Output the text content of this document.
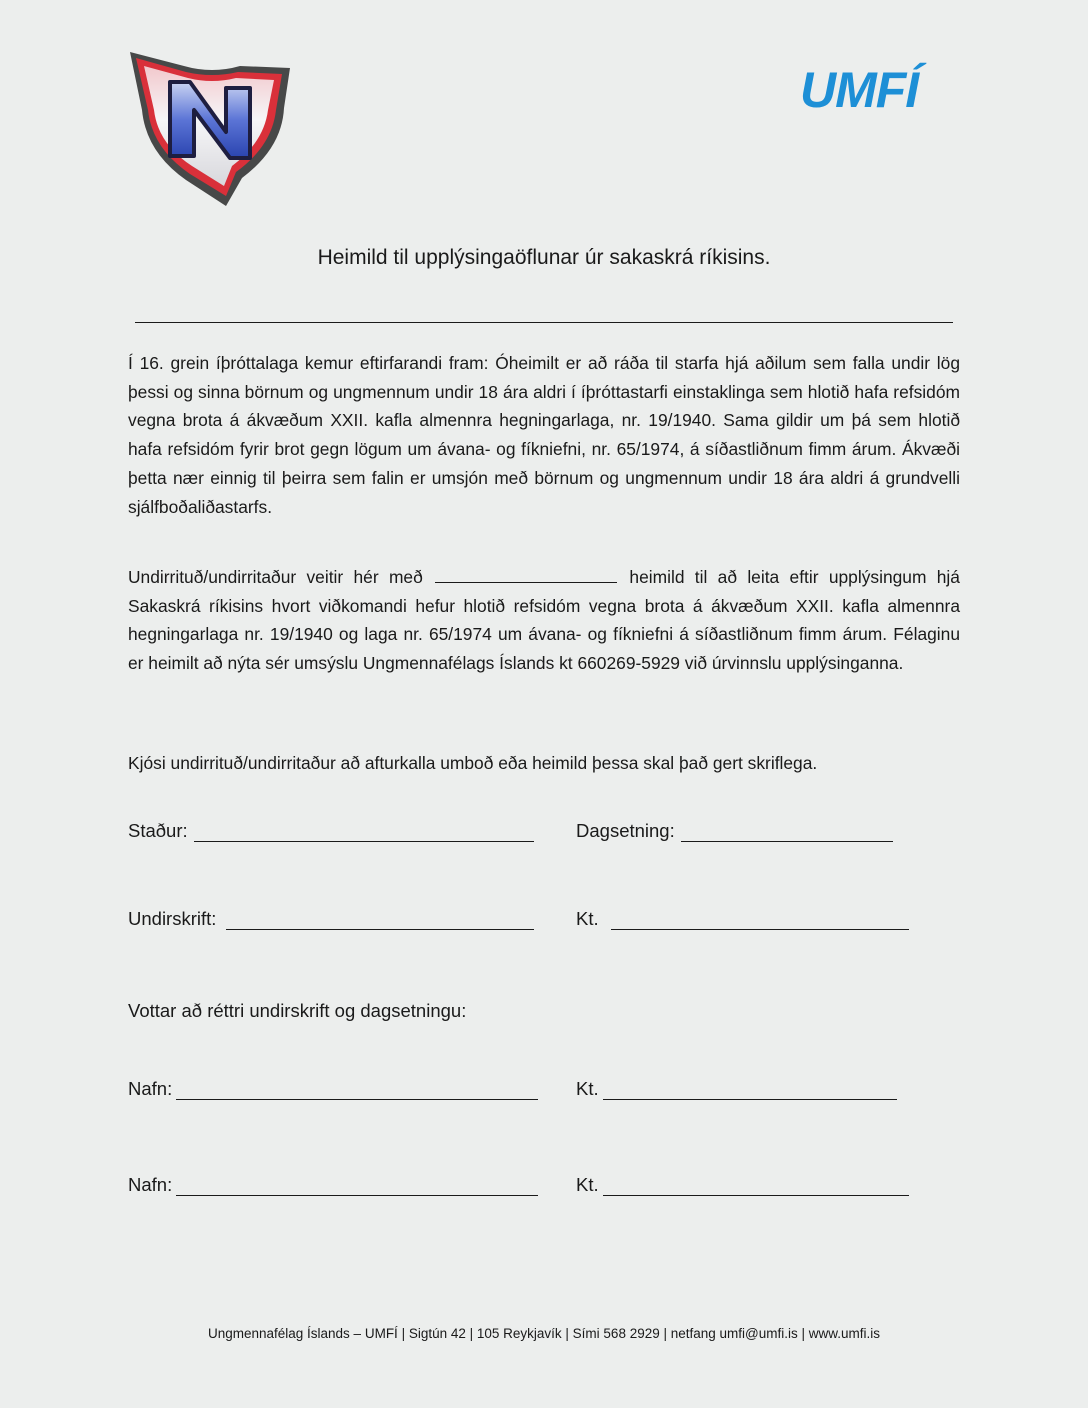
UMFÍ
Heimild til upplýsingaöflunar úr sakaskrá ríkisins.
Í 16. grein íþróttalaga kemur eftirfarandi fram: Óheimilt er að ráða til starfa hjá aðilum sem falla undir lög þessi og sinna börnum og ungmennum undir 18 ára aldri í íþróttastarfi einstaklinga sem hlotið hafa refsidóm vegna brota á ákvæðum XXII. kafla almennra hegningarlaga, nr. 19/1940. Sama gildir um þá sem hlotið hafa refsidóm fyrir brot gegn lögum um ávana- og fíkniefni, nr. 65/1974, á síðastliðnum fimm árum. Ákvæði þetta nær einnig til þeirra sem falin er umsjón með börnum og ungmennum undir 18 ára aldri á grundvelli sjálfboðaliðastarfs.
Undirrituð/undirritaður veitir hér með	heimild til að leita eftir upplýsingum hjá Sakaskrá ríkisins hvort viðkomandi hefur hlotið refsidóm vegna brota á ákvæðum XXII. kafla almennra hegningarlaga nr. 19/1940 og laga nr. 65/1974 um ávana- og fíkniefni á síðastliðnum fimm árum. Félaginu er heimilt að nýta sér umsýslu Ungmennafélags Íslands kt 660269-5929 við úrvinnslu upplýsinganna.
Kjósi undirrituð/undirritaður að afturkalla umboð eða heimild þessa skal það gert skriflega.
Staður:	Dagsetning:
Undirskrift:	Kt.
Vottar að réttri undirskrift og dagsetningu:
Nafn:	Kt.
Nafn:	Kt.
Ungmennafélag Íslands – UMFÍ | Sigtún 42 | 105 Reykjavík | Sími 568 2929 | netfang umfi@umfi.is | www.umfi.is
